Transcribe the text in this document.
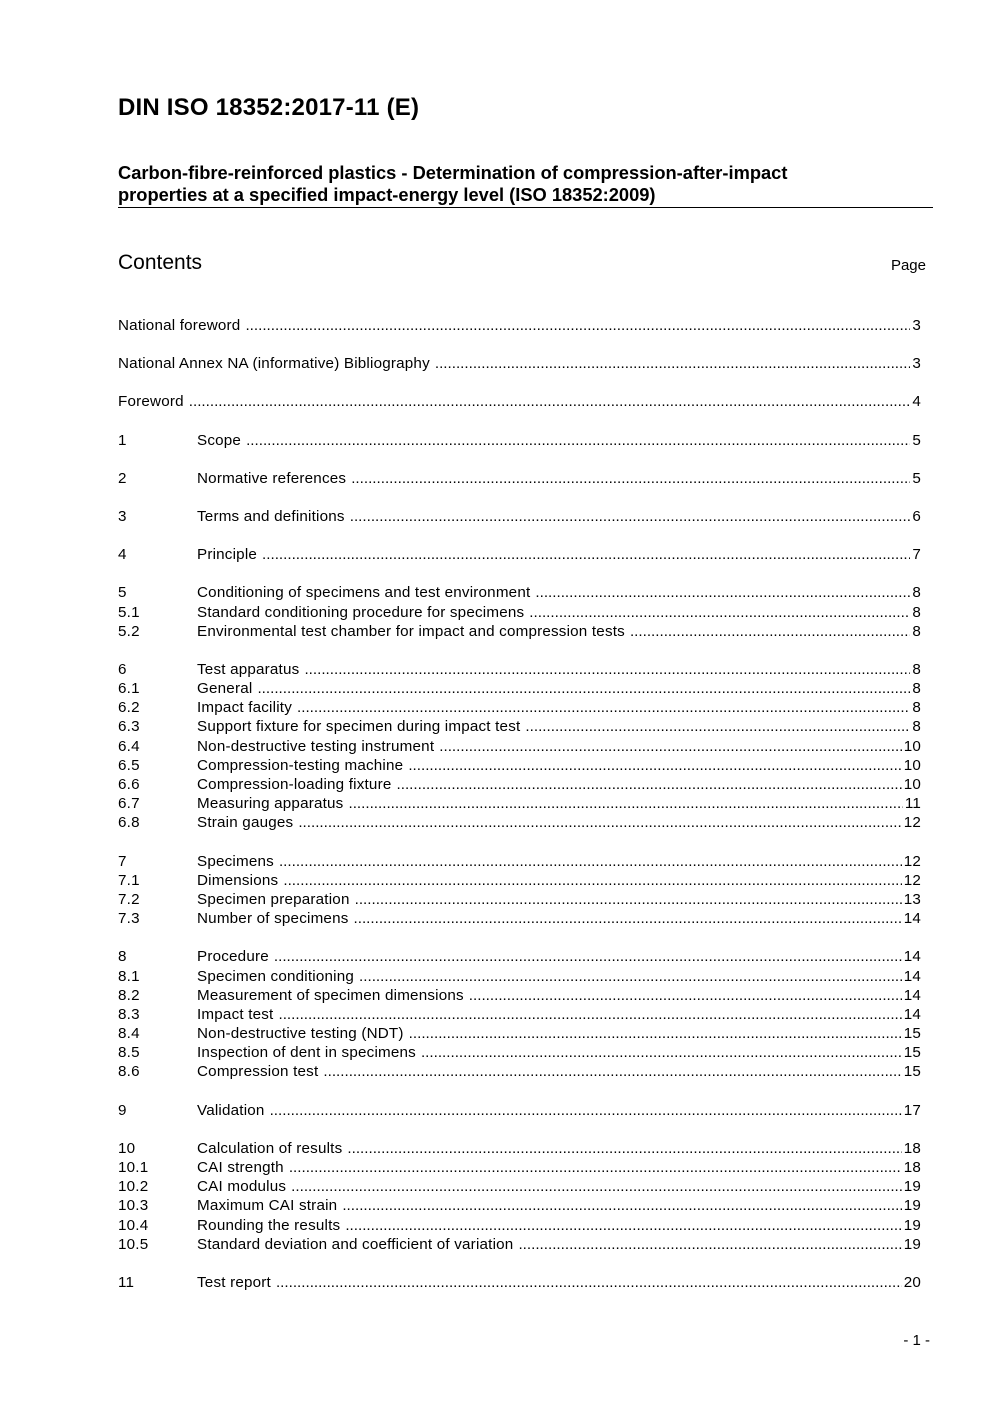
DIN ISO 18352:2017-11 (E)
Carbon-fibre-reinforced plastics - Determination of compression-after-impact
properties at a specified impact-energy level (ISO 18352:2009)
Contents	Page
National foreword .....	3
National Annex NA (informative) Bibliography .....	3
Foreword .....	4
1	Scope .....	5
2	Normative references .....	5
3	Terms and definitions .....	6
4	Principle .....	7
5	Conditioning of specimens and test environment .....	8
5.1	Standard conditioning procedure for specimens .....	8
5.2	Environmental test chamber for impact and compression tests .....	8
6	Test apparatus .....	8
6.1	General .....	8
6.2	Impact facility .....	8
6.3	Support fixture for specimen during impact test .....	8
6.4	Non-destructive testing instrument .....	10
6.5	Compression-testing machine .....	10
6.6	Compression-loading fixture .....	10
6.7	Measuring apparatus .....	11
6.8	Strain gauges .....	12
7	Specimens .....	12
7.1	Dimensions .....	12
7.2	Specimen preparation .....	13
7.3	Number of specimens .....	14
8	Procedure .....	14
8.1	Specimen conditioning .....	14
8.2	Measurement of specimen dimensions .....	14
8.3	Impact test .....	14
8.4	Non-destructive testing (NDT) .....	15
8.5	Inspection of dent in specimens .....	15
8.6	Compression test .....	15
9	Validation .....	17
10	Calculation of results .....	18
10.1	CAI strength .....	18
10.2	CAI modulus .....	19
10.3	Maximum CAI strain .....	19
10.4	Rounding the results .....	19
10.5	Standard deviation and coefficient of variation .....	19
11	Test report .....	20
- 1 -
